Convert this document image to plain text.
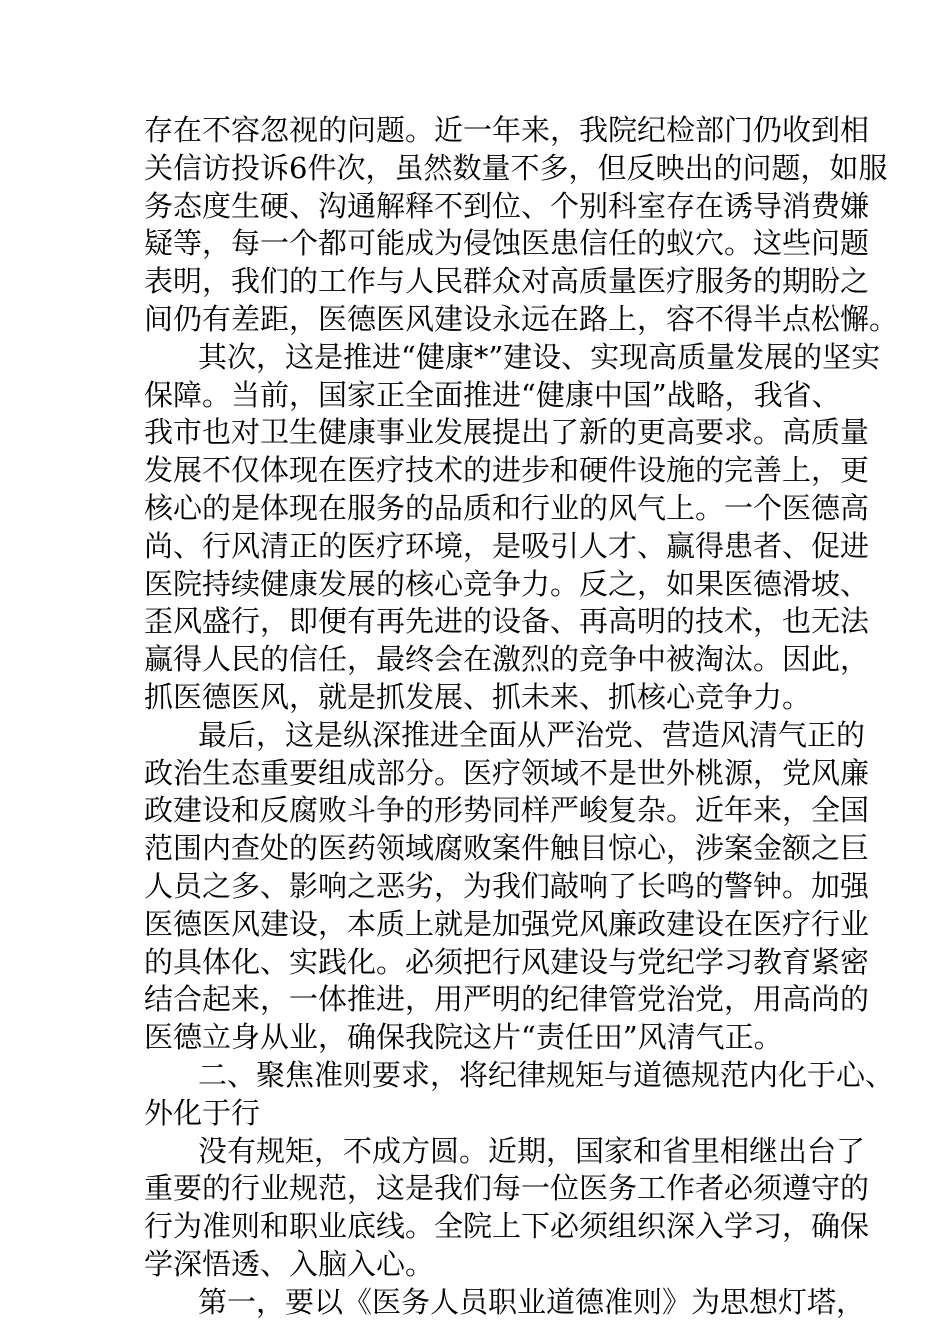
存在不容忽视的问题。近一年来，我院纪检部门仍收到相
关信访投诉6件次，虽然数量不多，但反映出的问题，如服
务态度生硬、沟通解释不到位、个别科室存在诱导消费嫌
疑等，每一个都可能成为侵蚀医患信任的蚁穴。这些问题
表明，我们的工作与人民群众对高质量医疗服务的期盼之
间仍有差距，医德医风建设永远在路上，容不得半点松懈。
其次，这是推进“健康*”建设、实现高质量发展的坚实
保障。当前，国家正全面推进“健康中国”战略，我省、
我市也对卫生健康事业发展提出了新的更高要求。高质量
发展不仅体现在医疗技术的进步和硬件设施的完善上，更
核心的是体现在服务的品质和行业的风气上。一个医德高
尚、行风清正的医疗环境，是吸引人才、赢得患者、促进
医院持续健康发展的核心竞争力。反之，如果医德滑坡、
歪风盛行，即便有再先进的设备、再高明的技术，也无法
赢得人民的信任，最终会在激烈的竞争中被淘汰。因此，
抓医德医风，就是抓发展、抓未来、抓核心竞争力。
最后，这是纵深推进全面从严治党、营造风清气正的
政治生态重要组成部分。医疗领域不是世外桃源，党风廉
政建设和反腐败斗争的形势同样严峻复杂。近年来，全国
范围内查处的医药领域腐败案件触目惊心，涉案金额之巨
人员之多、影响之恶劣，为我们敲响了长鸣的警钟。加强
医德医风建设，本质上就是加强党风廉政建设在医疗行业
的具体化、实践化。必须把行风建设与党纪学习教育紧密
结合起来，一体推进，用严明的纪律管党治党，用高尚的
医德立身从业，确保我院这片“责任田”风清气正。
二、聚焦准则要求，将纪律规矩与道德规范内化于心、
外化于行
没有规矩，不成方圆。近期，国家和省里相继出台了
重要的行业规范，这是我们每一位医务工作者必须遵守的
行为准则和职业底线。全院上下必须组织深入学习，确保
学深悟透、入脑入心。
第一，要以《医务人员职业道德准则》为思想灯塔，
